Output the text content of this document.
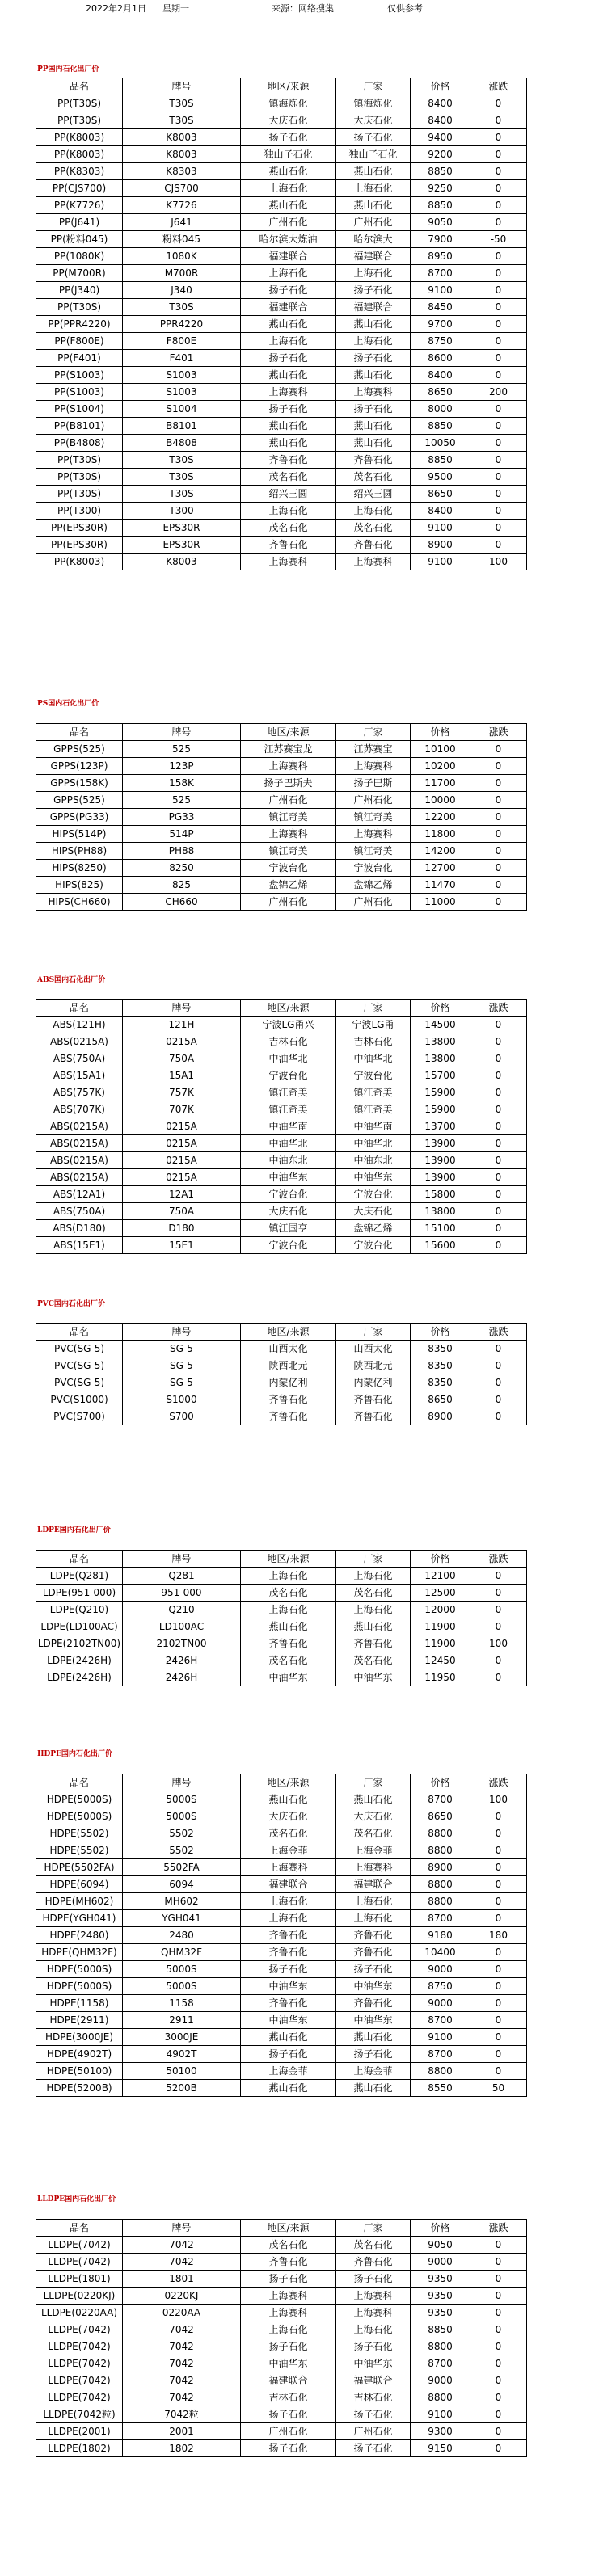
2022年2月1日 星期一	来源：网络搜集	仅供参考
PP国内石化出厂价
品名	牌号	地区/来源	厂家	价格	涨跌
PP(T30S)	T30S	镇海炼化	镇海炼化	8400	0
PP(T30S)	T30S	大庆石化	大庆石化	8400	0
PP(K8003)	K8003	扬子石化	扬子石化	9400	0
PP(K8003)	K8003	独山子石化	独山子石化	9200	0
PP(K8303)	K8303	燕山石化	燕山石化	8850	0
PP(CJS700)	CJS700	上海石化	上海石化	9250	0
PP(K7726)	K7726	燕山石化	燕山石化	8850	0
PP(J641)	J641	广州石化	广州石化	9050	0
PP(粉料045)	粉料045	哈尔滨大炼油	哈尔滨大	7900	-50
PP(1080K)	1080K	福建联合	福建联合	8950	0
PP(M700R)	M700R	上海石化	上海石化	8700	0
PP(J340)	J340	扬子石化	扬子石化	9100	0
PP(T30S)	T30S	福建联合	福建联合	8450	0
PP(PPR4220)	PPR4220	燕山石化	燕山石化	9700	0
PP(F800E)	F800E	上海石化	上海石化	8750	0
PP(F401)	F401	扬子石化	扬子石化	8600	0
PP(S1003)	S1003	燕山石化	燕山石化	8400	0
PP(S1003)	S1003	上海赛科	上海赛科	8650	200
PP(S1004)	S1004	扬子石化	扬子石化	8000	0
PP(B8101)	B8101	燕山石化	燕山石化	8850	0
PP(B4808)	B4808	燕山石化	燕山石化	10050	0
PP(T30S)	T30S	齐鲁石化	齐鲁石化	8850	0
PP(T30S)	T30S	茂名石化	茂名石化	9500	0
PP(T30S)	T30S	绍兴三圆	绍兴三圆	8650	0
PP(T300)	T300	上海石化	上海石化	8400	0
PP(EPS30R)	EPS30R	茂名石化	茂名石化	9100	0
PP(EPS30R)	EPS30R	齐鲁石化	齐鲁石化	8900	0
PP(K8003)	K8003	上海赛科	上海赛科	9100	100
PS国内石化出厂价
品名	牌号	地区/来源	厂家	价格	涨跌
GPPS(525)	525	江苏赛宝龙	江苏赛宝	10100	0
GPPS(123P)	123P	上海赛科	上海赛科	10200	0
GPPS(158K)	158K	扬子巴斯夫	扬子巴斯	11700	0
GPPS(525)	525	广州石化	广州石化	10000	0
GPPS(PG33)	PG33	镇江奇美	镇江奇美	12200	0
HIPS(514P)	514P	上海赛科	上海赛科	11800	0
HIPS(PH88)	PH88	镇江奇美	镇江奇美	14200	0
HIPS(8250)	8250	宁波台化	宁波台化	12700	0
HIPS(825)	825	盘锦乙烯	盘锦乙烯	11470	0
HIPS(CH660)	CH660	广州石化	广州石化	11000	0
ABS国内石化出厂价
品名	牌号	地区/来源	厂家	价格	涨跌
ABS(121H)	121H	宁波LG甬兴	宁波LG甬	14500	0
ABS(0215A)	0215A	吉林石化	吉林石化	13800	0
ABS(750A)	750A	中油华北	中油华北	13800	0
ABS(15A1)	15A1	宁波台化	宁波台化	15700	0
ABS(757K)	757K	镇江奇美	镇江奇美	15900	0
ABS(707K)	707K	镇江奇美	镇江奇美	15900	0
ABS(0215A)	0215A	中油华南	中油华南	13700	0
ABS(0215A)	0215A	中油华北	中油华北	13900	0
ABS(0215A)	0215A	中油东北	中油东北	13900	0
ABS(0215A)	0215A	中油华东	中油华东	13900	0
ABS(12A1)	12A1	宁波台化	宁波台化	15800	0
ABS(750A)	750A	大庆石化	大庆石化	13800	0
ABS(D180)	D180	镇江国亨	盘锦乙烯	15100	0
ABS(15E1)	15E1	宁波台化	宁波台化	15600	0
PVC国内石化出厂价
品名	牌号	地区/来源	厂家	价格	涨跌
PVC(SG-5)	SG-5	山西太化	山西太化	8350	0
PVC(SG-5)	SG-5	陕西北元	陕西北元	8350	0
PVC(SG-5)	SG-5	内蒙亿利	内蒙亿利	8350	0
PVC(S1000)	S1000	齐鲁石化	齐鲁石化	8650	0
PVC(S700)	S700	齐鲁石化	齐鲁石化	8900	0
LDPE国内石化出厂价
品名	牌号	地区/来源	厂家	价格	涨跌
LDPE(Q281)	Q281	上海石化	上海石化	12100	0
LDPE(951-000)	951-000	茂名石化	茂名石化	12500	0
LDPE(Q210)	Q210	上海石化	上海石化	12000	0
LDPE(LD100AC)	LD100AC	燕山石化	燕山石化	11900	0
LDPE(2102TN00)	2102TN00	齐鲁石化	齐鲁石化	11900	100
LDPE(2426H)	2426H	茂名石化	茂名石化	12450	0
LDPE(2426H)	2426H	中油华东	中油华东	11950	0
HDPE国内石化出厂价
品名	牌号	地区/来源	厂家	价格	涨跌
HDPE(5000S)	5000S	燕山石化	燕山石化	8700	100
HDPE(5000S)	5000S	大庆石化	大庆石化	8650	0
HDPE(5502)	5502	茂名石化	茂名石化	8800	0
HDPE(5502)	5502	上海金菲	上海金菲	8800	0
HDPE(5502FA)	5502FA	上海赛科	上海赛科	8900	0
HDPE(6094)	6094	福建联合	福建联合	8800	0
HDPE(MH602)	MH602	上海石化	上海石化	8800	0
HDPE(YGH041)	YGH041	上海石化	上海石化	8700	0
HDPE(2480)	2480	齐鲁石化	齐鲁石化	9180	180
HDPE(QHM32F)	QHM32F	齐鲁石化	齐鲁石化	10400	0
HDPE(5000S)	5000S	扬子石化	扬子石化	9000	0
HDPE(5000S)	5000S	中油华东	中油华东	8750	0
HDPE(1158)	1158	齐鲁石化	齐鲁石化	9000	0
HDPE(2911)	2911	中油华东	中油华东	8700	0
HDPE(3000JE)	3000JE	燕山石化	燕山石化	9100	0
HDPE(4902T)	4902T	扬子石化	扬子石化	8700	0
HDPE(50100)	50100	上海金菲	上海金菲	8800	0
HDPE(5200B)	5200B	燕山石化	燕山石化	8550	50
LLDPE国内石化出厂价
品名	牌号	地区/来源	厂家	价格	涨跌
LLDPE(7042)	7042	茂名石化	茂名石化	9050	0
LLDPE(7042)	7042	齐鲁石化	齐鲁石化	9000	0
LLDPE(1801)	1801	扬子石化	扬子石化	9350	0
LLDPE(0220KJ)	0220KJ	上海赛科	上海赛科	9350	0
LLDPE(0220AA)	0220AA	上海赛科	上海赛科	9350	0
LLDPE(7042)	7042	上海石化	上海石化	8850	0
LLDPE(7042)	7042	扬子石化	扬子石化	8800	0
LLDPE(7042)	7042	中油华东	中油华东	8700	0
LLDPE(7042)	7042	福建联合	福建联合	9000	0
LLDPE(7042)	7042	吉林石化	吉林石化	8800	0
LLDPE(7042粒)	7042粒	扬子石化	扬子石化	9100	0
LLDPE(2001)	2001	广州石化	广州石化	9300	0
LLDPE(1802)	1802	扬子石化	扬子石化	9150	0
